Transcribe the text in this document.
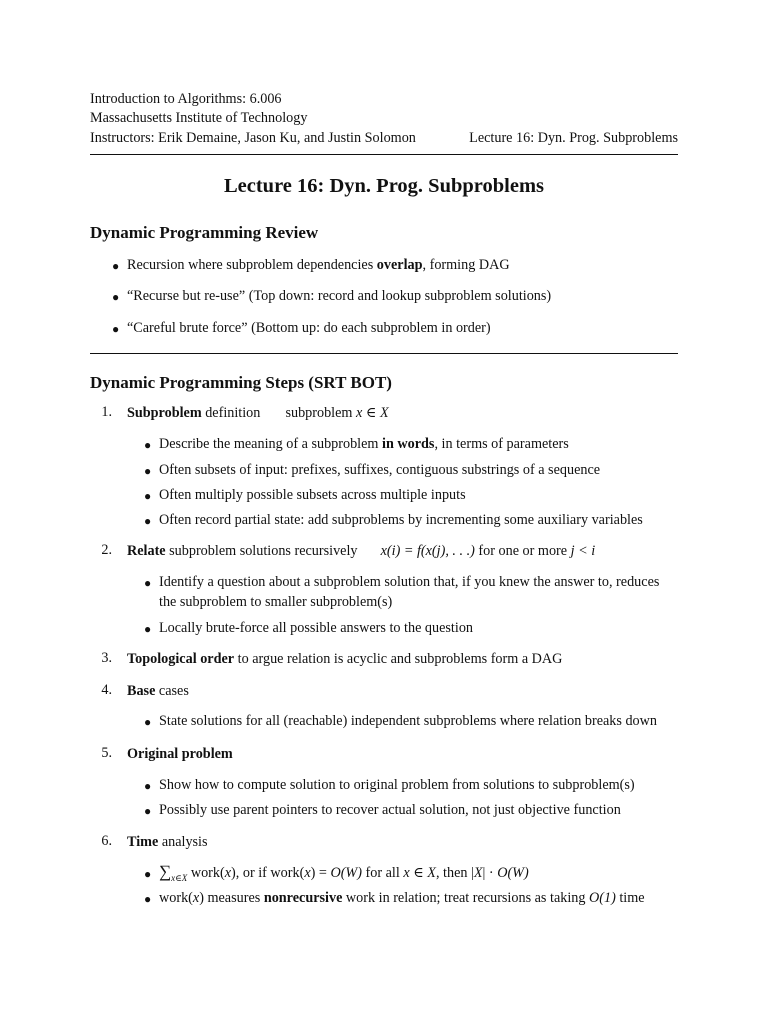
Introduction to Algorithms: 6.006
Massachusetts Institute of Technology
Instructors: Erik Demaine, Jason Ku, and Justin Solomon	Lecture 16: Dyn. Prog. Subproblems
Lecture 16: Dyn. Prog. Subproblems
Dynamic Programming Review
● Recursion where subproblem dependencies overlap, forming DAG
● “Recurse but re-use” (Top down: record and lookup subproblem solutions)
● “Careful brute force” (Bottom up: do each subproblem in order)
Dynamic Programming Steps (SRT BOT)
1. Subproblem definition subproblem x ∈ X
● Describe the meaning of a subproblem in words, in terms of parameters
● Often subsets of input: prefixes, suffixes, contiguous substrings of a sequence
● Often multiply possible subsets across multiple inputs
● Often record partial state: add subproblems by incrementing some auxiliary variables
2. Relate subproblem solutions recursively x(i) = f(x(j), . . .) for one or more j < i
● Identify a question about a subproblem solution that, if you knew the answer to, reduces
the subproblem to smaller subproblem(s)
● Locally brute-force all possible answers to the question
3. Topological order to argue relation is acyclic and subproblems form a DAG
4. Base cases
● State solutions for all (reachable) independent subproblems where relation breaks down
5. Original problem
● Show how to compute solution to original problem from solutions to subproblem(s)
● Possibly use parent pointers to recover actual solution, not just objective function
6. Time analysis
● $\sum_{x\in X}$ work(x), or if work(x) = O(W) for all x ∈ X, then |X| · O(W)
● work(x) measures nonrecursive work in relation; treat recursions as taking O(1) time
